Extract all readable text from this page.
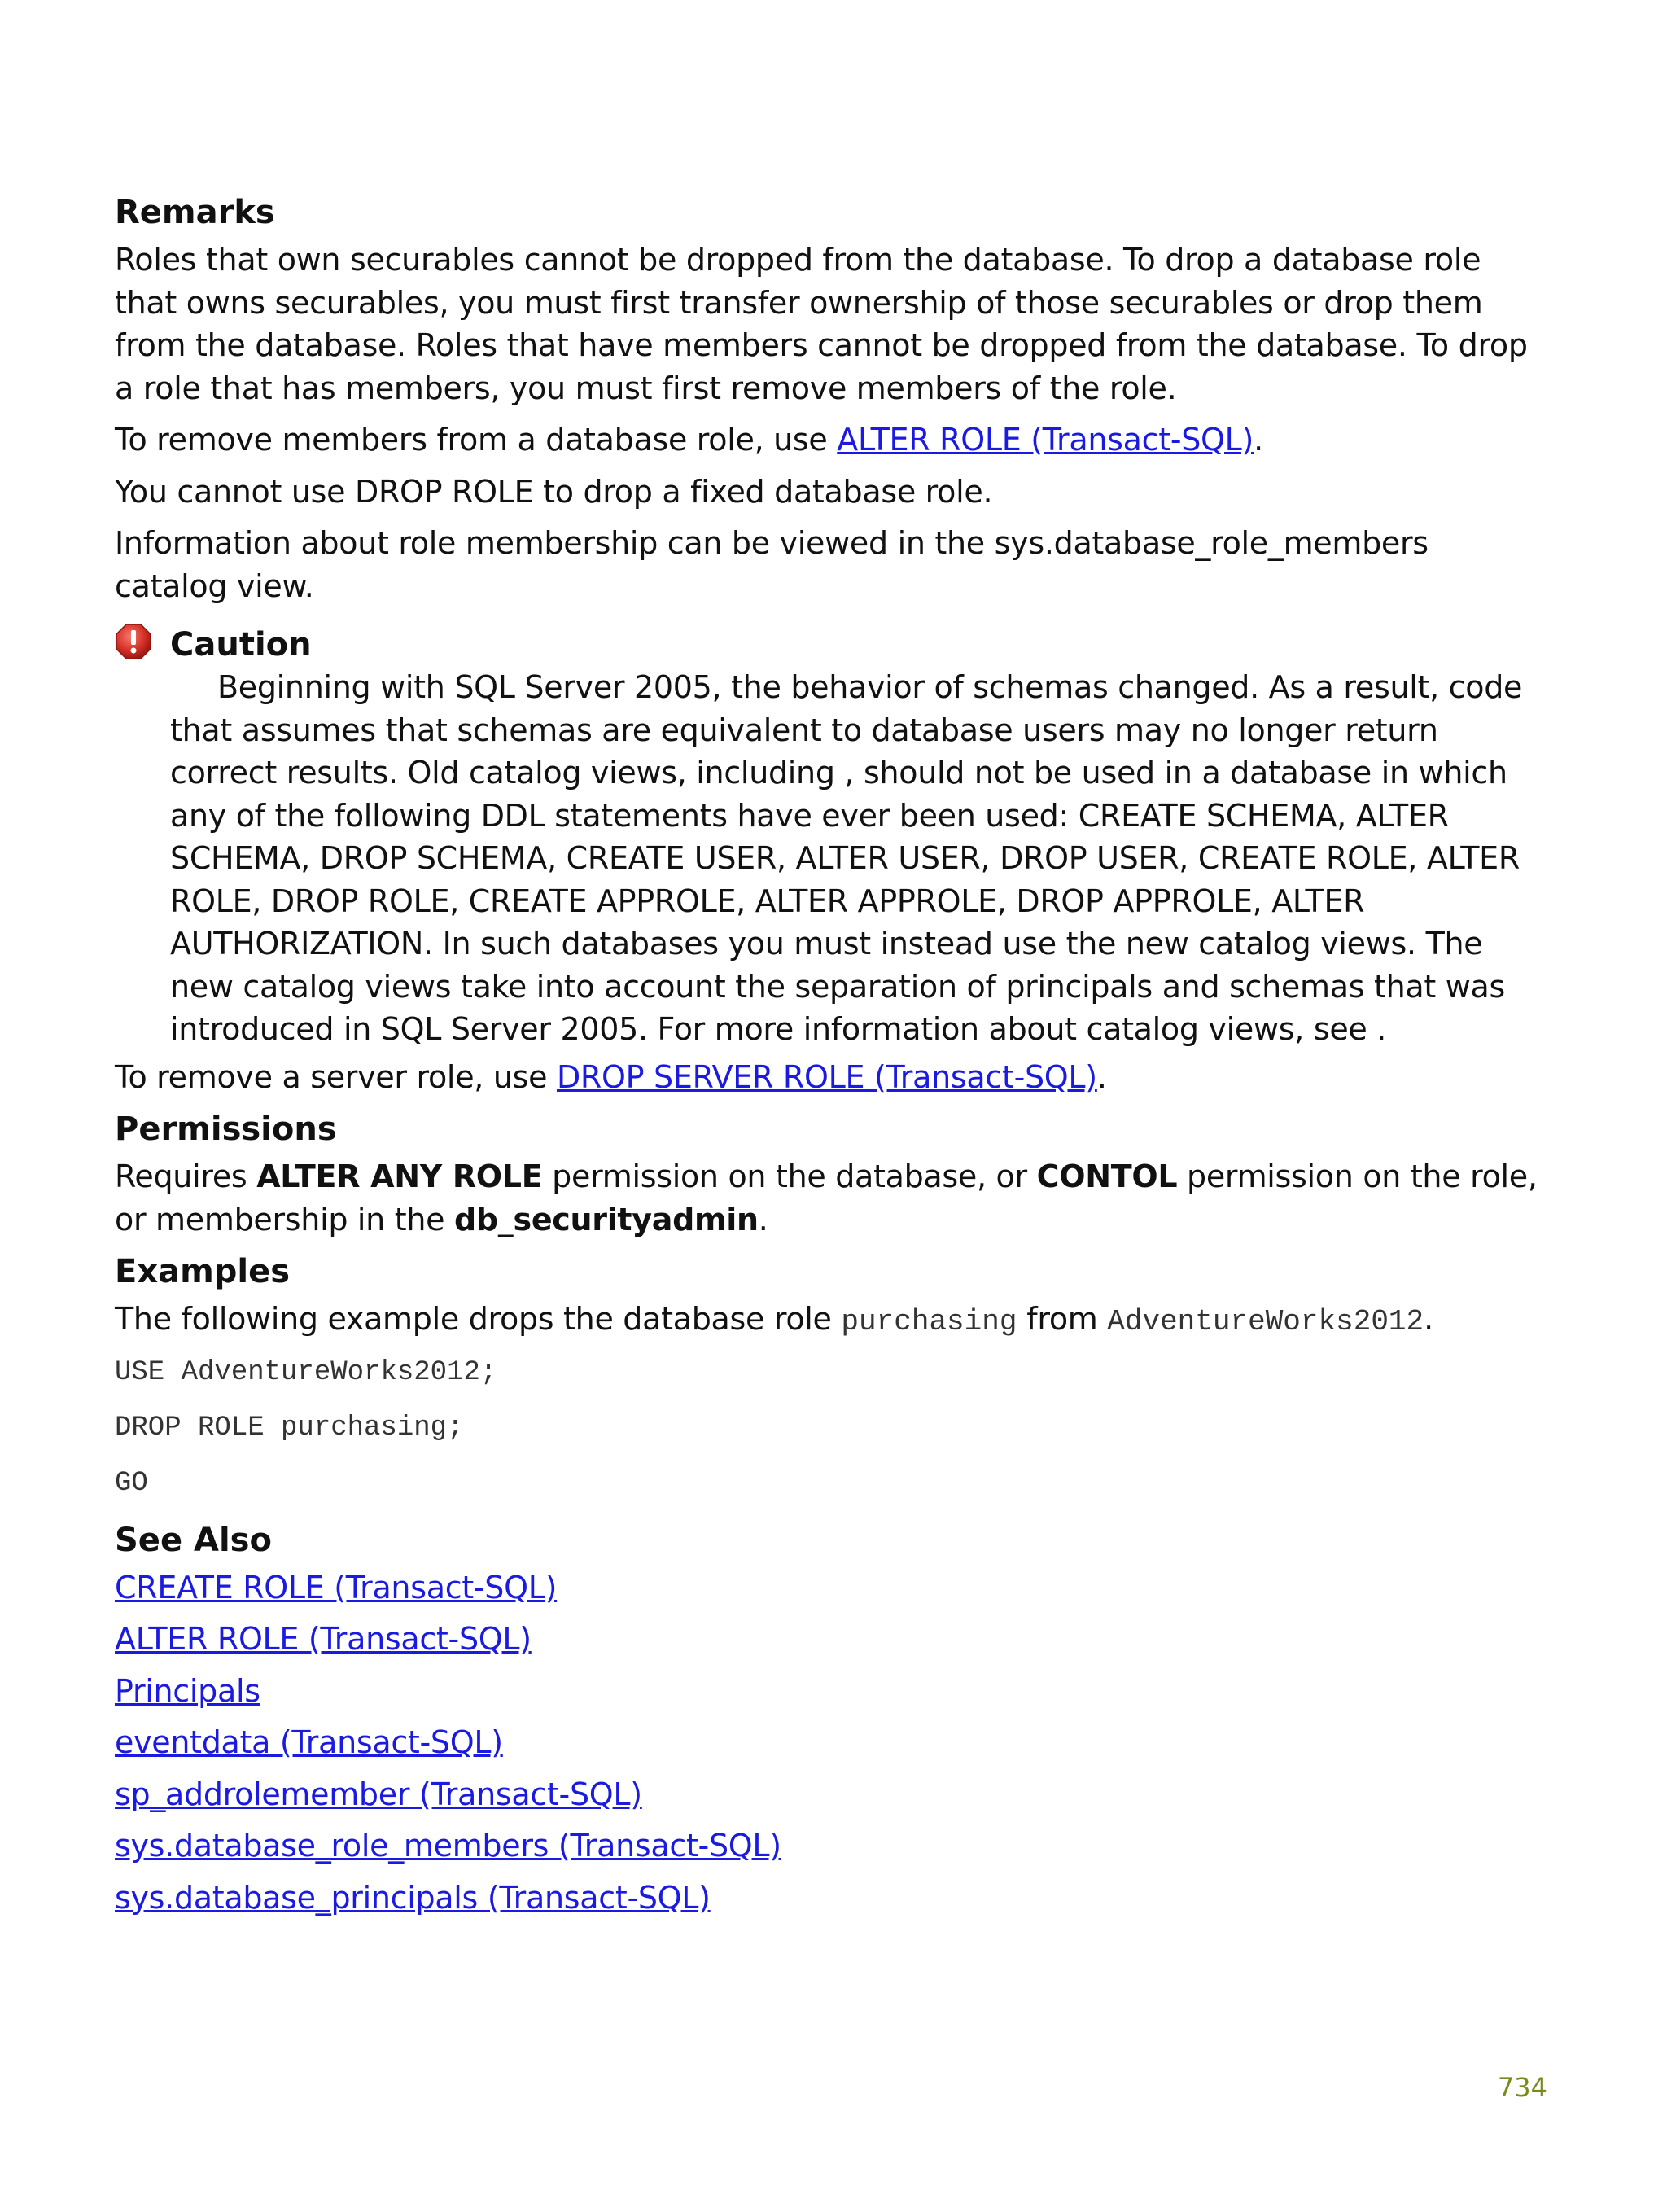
Remarks

Roles that own securables cannot be dropped from the database. To drop a database role that owns securables, you must first transfer ownership of those securables or drop them from the database. Roles that have members cannot be dropped from the database. To drop a role that has members, you must first remove members of the role.

To remove members from a database role, use ALTER ROLE (Transact-SQL).

You cannot use DROP ROLE to drop a fixed database role.

Information about role membership can be viewed in the sys.database_role_members catalog view.

Caution
Beginning with SQL Server 2005, the behavior of schemas changed. As a result, code that assumes that schemas are equivalent to database users may no longer return correct results. Old catalog views, including , should not be used in a database in which any of the following DDL statements have ever been used: CREATE SCHEMA, ALTER SCHEMA, DROP SCHEMA, CREATE USER, ALTER USER, DROP USER, CREATE ROLE, ALTER ROLE, DROP ROLE, CREATE APPROLE, ALTER APPROLE, DROP APPROLE, ALTER AUTHORIZATION. In such databases you must instead use the new catalog views. The new catalog views take into account the separation of principals and schemas that was introduced in SQL Server 2005. For more information about catalog views, see .

To remove a server role, use DROP SERVER ROLE (Transact-SQL).

Permissions

Requires ALTER ANY ROLE permission on the database, or CONTOL permission on the role, or membership in the db_securityadmin.

Examples

The following example drops the database role purchasing from AdventureWorks2012.

USE AdventureWorks2012;
DROP ROLE purchasing;
GO
See Also
CREATE ROLE (Transact-SQL)
ALTER ROLE (Transact-SQL)
Principals
eventdata (Transact-SQL)
sp_addrolemember (Transact-SQL)
sys.database_role_members (Transact-SQL)
sys.database_principals (Transact-SQL)
734
